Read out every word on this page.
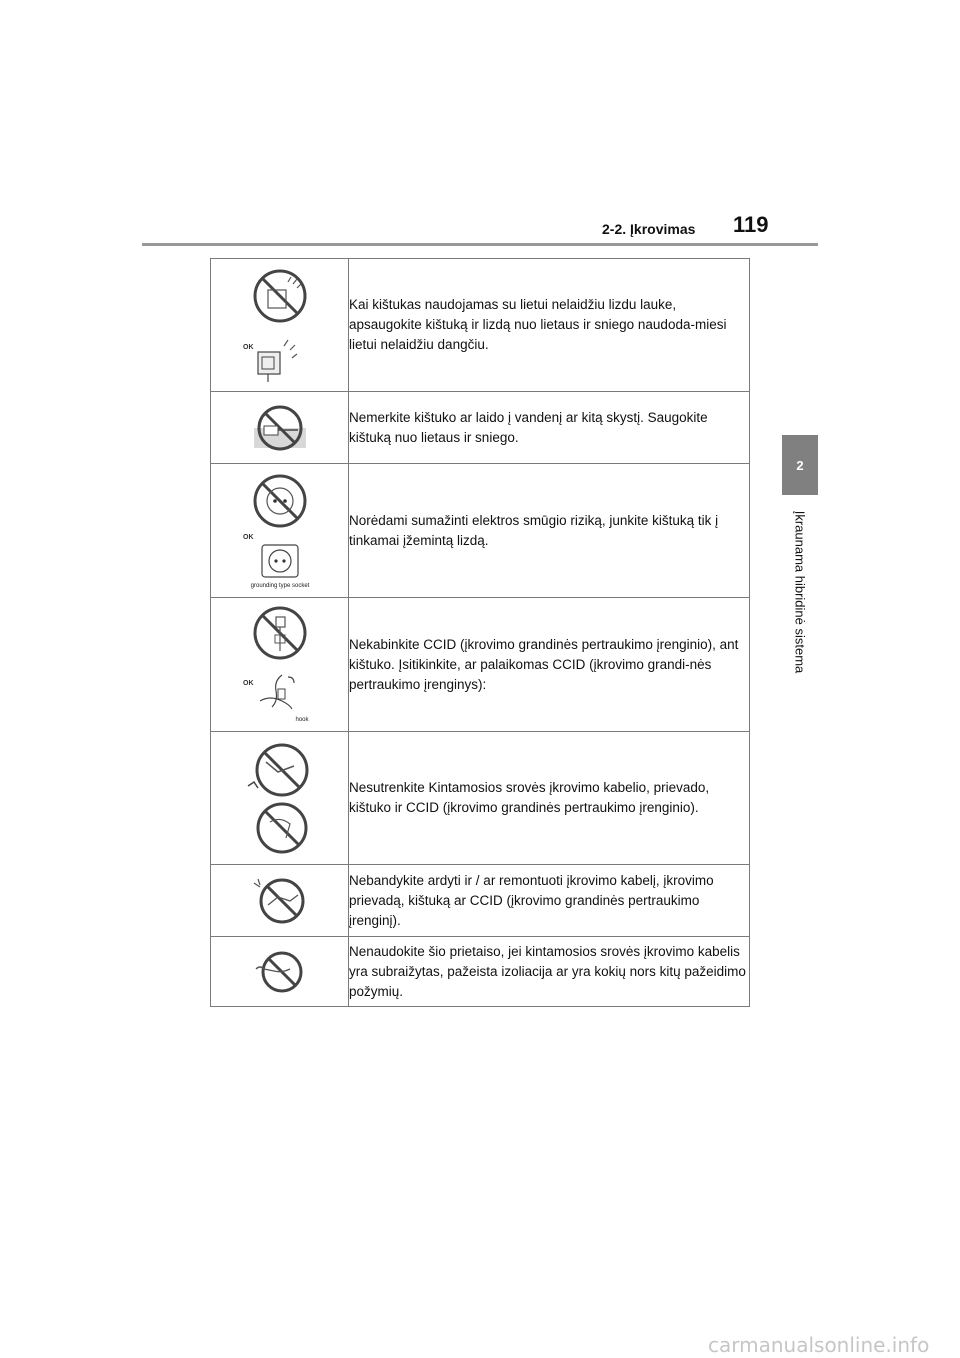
2-2. Įkrovimas 119
2
Įkraunama hibridinė sistema
OK	Kai kištukas naudojamas su lietui nelaidžiu lizdu lauke, apsaugokite kištuką ir lizdą nuo lietaus ir sniego naudoda-miesi lietui nelaidžiu dangčiu.

	Nemerkite kištuko ar laido į vandenį ar kitą skystį. Saugokite kištuką nuo lietaus ir sniego.

OK
grounding type socket	Norėdami sumažinti elektros smūgio riziką, junkite kištuką tik į tinkamai įžemintą lizdą.

OK
hook	Nekabinkite CCID (įkrovimo grandinės pertraukimo įrenginio), ant kištuko. Įsitikinkite, ar palaikomas CCID (įkrovimo grandi-nės pertraukimo įrenginys):

	Nesutrenkite Kintamosios srovės įkrovimo kabelio, prievado, kištuko ir CCID (įkrovimo grandinės pertraukimo įrenginio).

	Nebandykite ardyti ir / ar remontuoti įkrovimo kabelį, įkrovimo prievadą, kištuką ar CCID (įkrovimo grandinės pertraukimo įrenginį).

	Nenaudokite šio prietaiso, jei kintamosios srovės įkrovimo kabelis yra subraižytas, pažeista izoliacija ar yra kokių nors kitų pažeidimo požymių.
carmanualsonline.info
